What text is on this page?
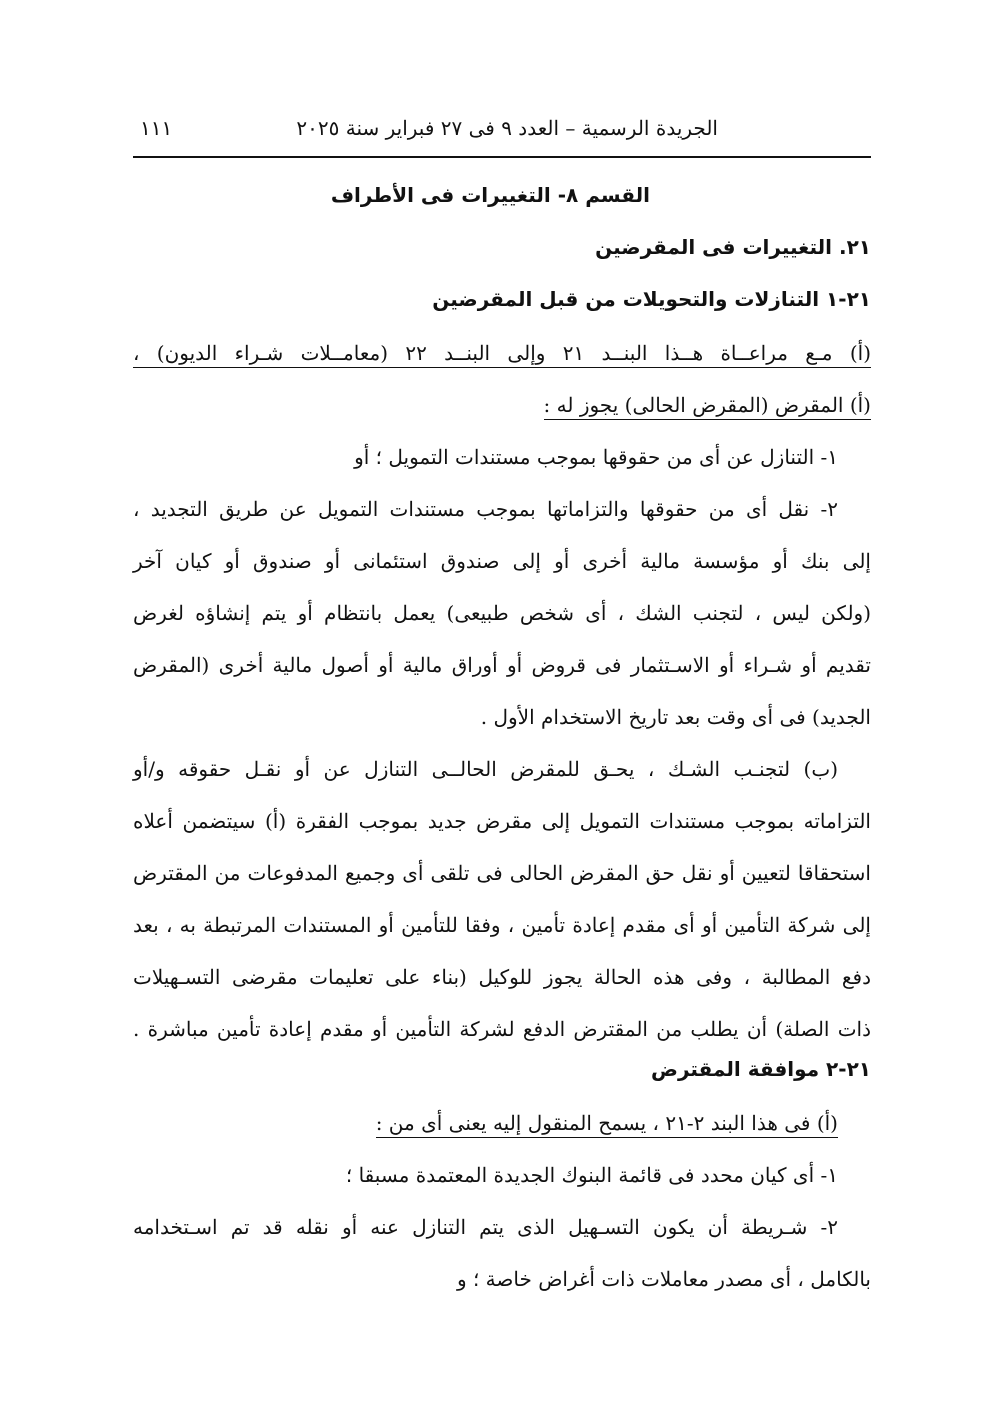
الجريدة الرسمية – العدد ٩ فى ٢٧ فبراير سنة ٢٠٢٥
١١١
القسم ٨- التغييرات فى الأطراف
٢١. التغييرات فى المقرضين
٢١-١ التنازلات والتحويلات من قبل المقرضين
(أ) مـع مراعــاة هــذا البنــد ٢١ وإلى البنــد ٢٢ (معامــلات شـراء الديون) ،
(أ) المقرض (المقرض الحالى) يجوز له :
١- التنازل عن أى من حقوقها بموجب مستندات التمويل ؛ أو
٢- نقل أى من حقوقها والتزاماتها بموجب مستندات التمويل عن طريق التجديد ،
إلى بنك أو مؤسسة مالية أخرى أو إلى صندوق استئمانى أو صندوق أو كيان آخر
(ولكن ليس ، لتجنب الشك ، أى شخص طبيعى) يعمل بانتظام أو يتم إنشاؤه لغرض
تقديم أو شـراء أو الاسـتثمار فى قروض أو أوراق مالية أو أصول مالية أخرى (المقرض
الجديد) فى أى وقت بعد تاريخ الاستخدام الأول .
(ب) لتجنـب الشـك ، يحـق للمقرض الحالــى التنازل عن أو نقـل حقوقه و/أو
التزاماته بموجب مستندات التمويل إلى مقرض جديد بموجب الفقرة (أ) سيتضمن أعلاه
استحقاقا لتعيين أو نقل حق المقرض الحالى فى تلقى أى وجميع المدفوعات من المقترض
إلى شركة التأمين أو أى مقدم إعادة تأمين ، وفقا للتأمين أو المستندات المرتبطة به ، بعد
دفع المطالبة ، وفى هذه الحالة يجوز للوكيل (بناء على تعليمات مقرضى التسـهيلات
ذات الصلة) أن يطلب من المقترض الدفع لشركة التأمين أو مقدم إعادة تأمين مباشرة .
٢١-٢ موافقة المقترض
(أ) فى هذا البند ٢-٢١ ، يسمح المنقول إليه يعنى أى من :
١- أى كيان محدد فى قائمة البنوك الجديدة المعتمدة مسبقا ؛
٢- شـريطة أن يكون التسـهيل الذى يتم التنازل عنه أو نقله قد تم اسـتخدامه
بالكامل ، أى مصدر معاملات ذات أغراض خاصة ؛ و
